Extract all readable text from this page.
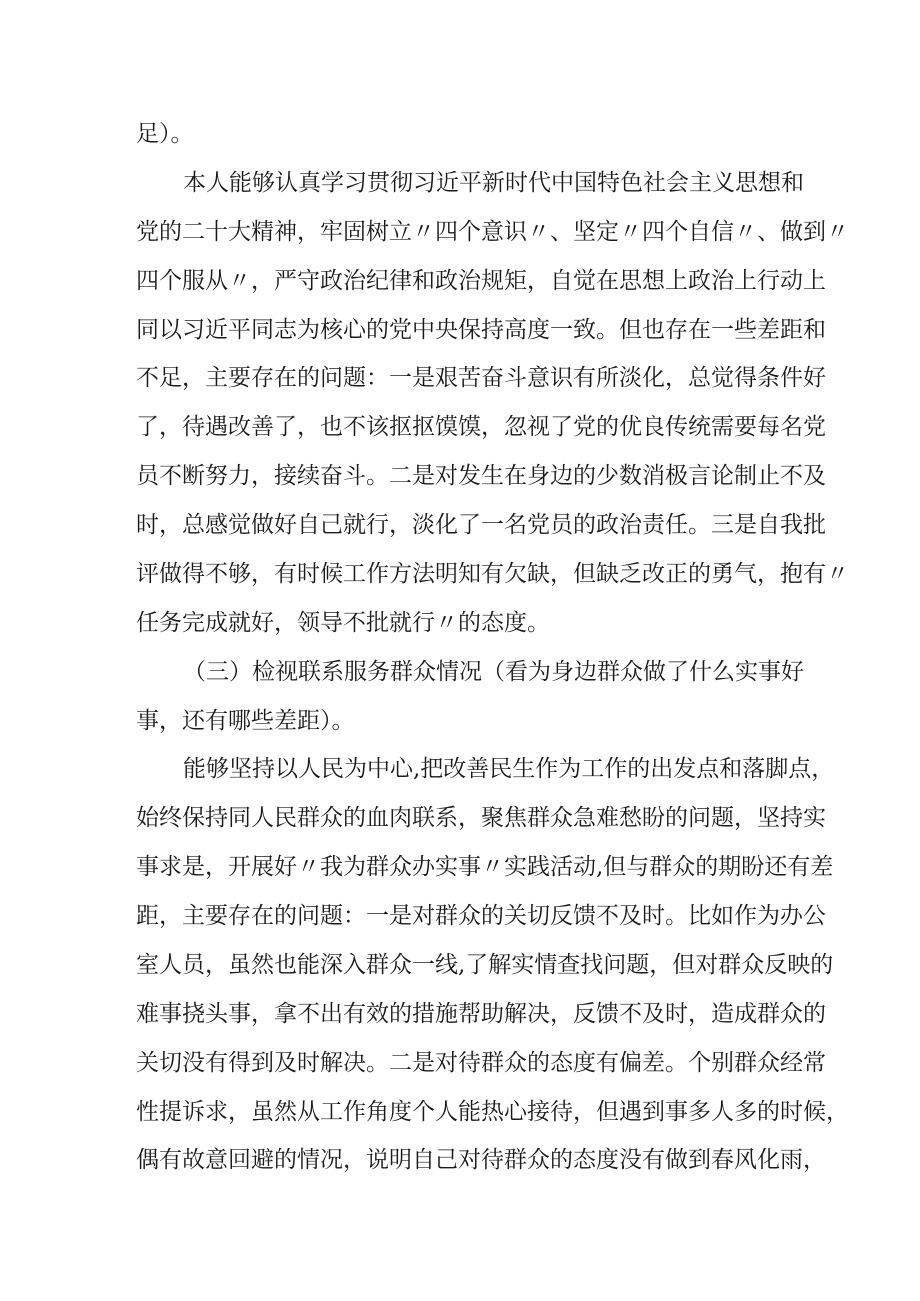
足）。
本人能够认真学习贯彻习近平新时代中国特色社会主义思想和
党的二十大精神，牢固树立〃四个意识〃、坚定〃四个自信〃、做到〃
四个服从〃，严守政治纪律和政治规矩，自觉在思想上政治上行动上
同以习近平同志为核心的党中央保持高度一致。但也存在一些差距和
不足，主要存在的问题：一是艰苦奋斗意识有所淡化，总觉得条件好
了，待遇改善了，也不该抠抠馍馍，忽视了党的优良传统需要每名党
员不断努力，接续奋斗。二是对发生在身边的少数消极言论制止不及
时，总感觉做好自己就行，淡化了一名党员的政治责任。三是自我批
评做得不够，有时候工作方法明知有欠缺，但缺乏改正的勇气，抱有〃
任务完成就好，领导不批就行〃的态度。
（三）检视联系服务群众情况（看为身边群众做了什么实事好
事，还有哪些差距）。
能够坚持以人民为中心,把改善民生作为工作的出发点和落脚点，
始终保持同人民群众的血肉联系，聚焦群众急难愁盼的问题，坚持实
事求是，开展好〃我为群众办实事〃实践活动,但与群众的期盼还有差
距，主要存在的问题：一是对群众的关切反馈不及时。比如作为办公
室人员，虽然也能深入群众一线,了解实情查找问题，但对群众反映的
难事挠头事，拿不出有效的措施帮助解决，反馈不及时，造成群众的
关切没有得到及时解决。二是对待群众的态度有偏差。个别群众经常
性提诉求，虽然从工作角度个人能热心接待，但遇到事多人多的时候，
偶有故意回避的情况，说明自己对待群众的态度没有做到春风化雨，
